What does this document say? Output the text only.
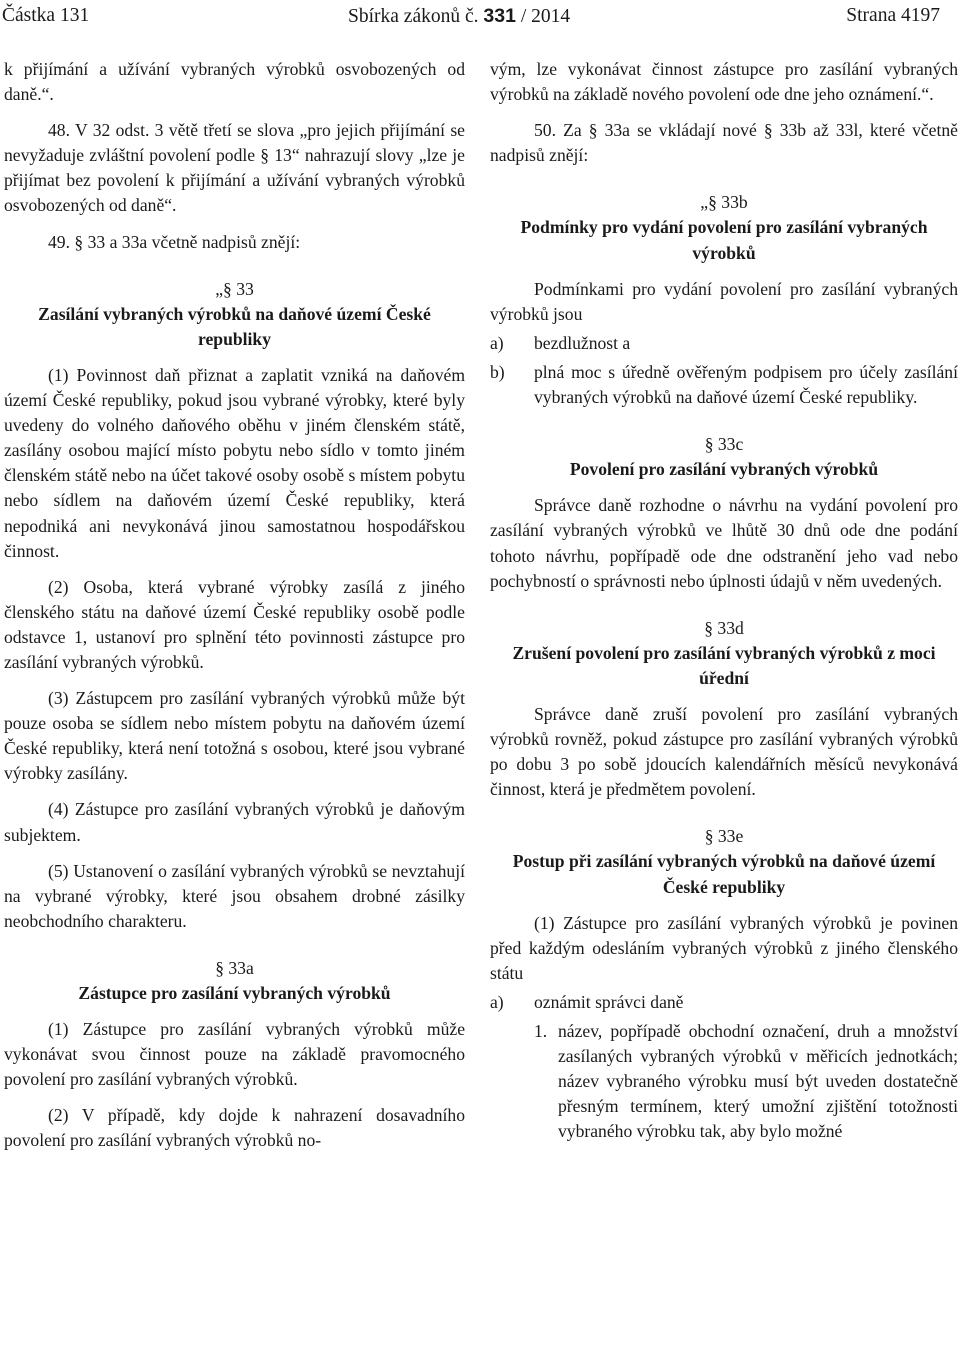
Částka 131	Sbírka zákonů č. 331 / 2014	Strana 4197

k přijímání a užívání vybraných výrobků osvobozených od daně.“.

48. V 32 odst. 3 větě třetí se slova „pro jejich přijímání se nevyžaduje zvláštní povolení podle § 13“ nahrazují slovy „lze je přijímat bez povolení k přijímání a užívání vybraných výrobků osvobozených od daně“.

49. § 33 a 33a včetně nadpisů znějí:

„§ 33

Zasílání vybraných výrobků na daňové území České republiky

(1) Povinnost daň přiznat a zaplatit vzniká na daňovém území České republiky, pokud jsou vybrané výrobky, které byly uvedeny do volného daňového oběhu v jiném členském státě, zasílány osobou mající místo pobytu nebo sídlo v tomto jiném členském státě nebo na účet takové osoby osobě s místem pobytu nebo sídlem na daňovém území České republiky, která nepodniká ani nevykonává jinou samostatnou hospodářskou činnost.

(2) Osoba, která vybrané výrobky zasílá z jiného členského státu na daňové území České republiky osobě podle odstavce 1, ustanoví pro splnění této povinnosti zástupce pro zasílání vybraných výrobků.

(3) Zástupcem pro zasílání vybraných výrobků může být pouze osoba se sídlem nebo místem pobytu na daňovém území České republiky, která není totožná s osobou, které jsou vybrané výrobky zasílány.

(4) Zástupce pro zasílání vybraných výrobků je daňovým subjektem.

(5) Ustanovení o zasílání vybraných výrobků se nevztahují na vybrané výrobky, které jsou obsahem drobné zásilky neobchodního charakteru.

§ 33a

Zástupce pro zasílání vybraných výrobků

(1) Zástupce pro zasílání vybraných výrobků může vykonávat svou činnost pouze na základě pravomocného povolení pro zasílání vybraných výrobků.

(2) V případě, kdy dojde k nahrazení dosavadního povolení pro zasílání vybraných výrobků no-

vým, lze vykonávat činnost zástupce pro zasílání vybraných výrobků na základě nového povolení ode dne jeho oznámení.“.

50. Za § 33a se vkládají nové § 33b až 33l, které včetně nadpisů znějí:

„§ 33b

Podmínky pro vydání povolení pro zasílání vybraných výrobků

Podmínkami pro vydání povolení pro zasílání vybraných výrobků jsou

a)	bezdlužnost a
b)	plná moc s úředně ověřeným podpisem pro účely zasílání vybraných výrobků na daňové území České republiky.

§ 33c

Povolení pro zasílání vybraných výrobků

Správce daně rozhodne o návrhu na vydání povolení pro zasílání vybraných výrobků ve lhůtě 30 dnů ode dne podání tohoto návrhu, popřípadě ode dne odstranění jeho vad nebo pochybností o správnosti nebo úplnosti údajů v něm uvedených.

§ 33d

Zrušení povolení pro zasílání vybraných výrobků z moci úřední

Správce daně zruší povolení pro zasílání vybraných výrobků rovněž, pokud zástupce pro zasílání vybraných výrobků po dobu 3 po sobě jdoucích kalendářních měsíců nevykonává činnost, která je předmětem povolení.

§ 33e

Postup při zasílání vybraných výrobků na daňové území České republiky

(1) Zástupce pro zasílání vybraných výrobků je povinen před každým odesláním vybraných výrobků z jiného členského státu

a)	oznámit správci daně
1. název, popřípadě obchodní označení, druh a množství zasílaných vybraných výrobků v měřicích jednotkách; název vybraného výrobku musí být uveden dostatečně přesným termínem, který umožní zjištění totožnosti vybraného výrobku tak, aby bylo možné
